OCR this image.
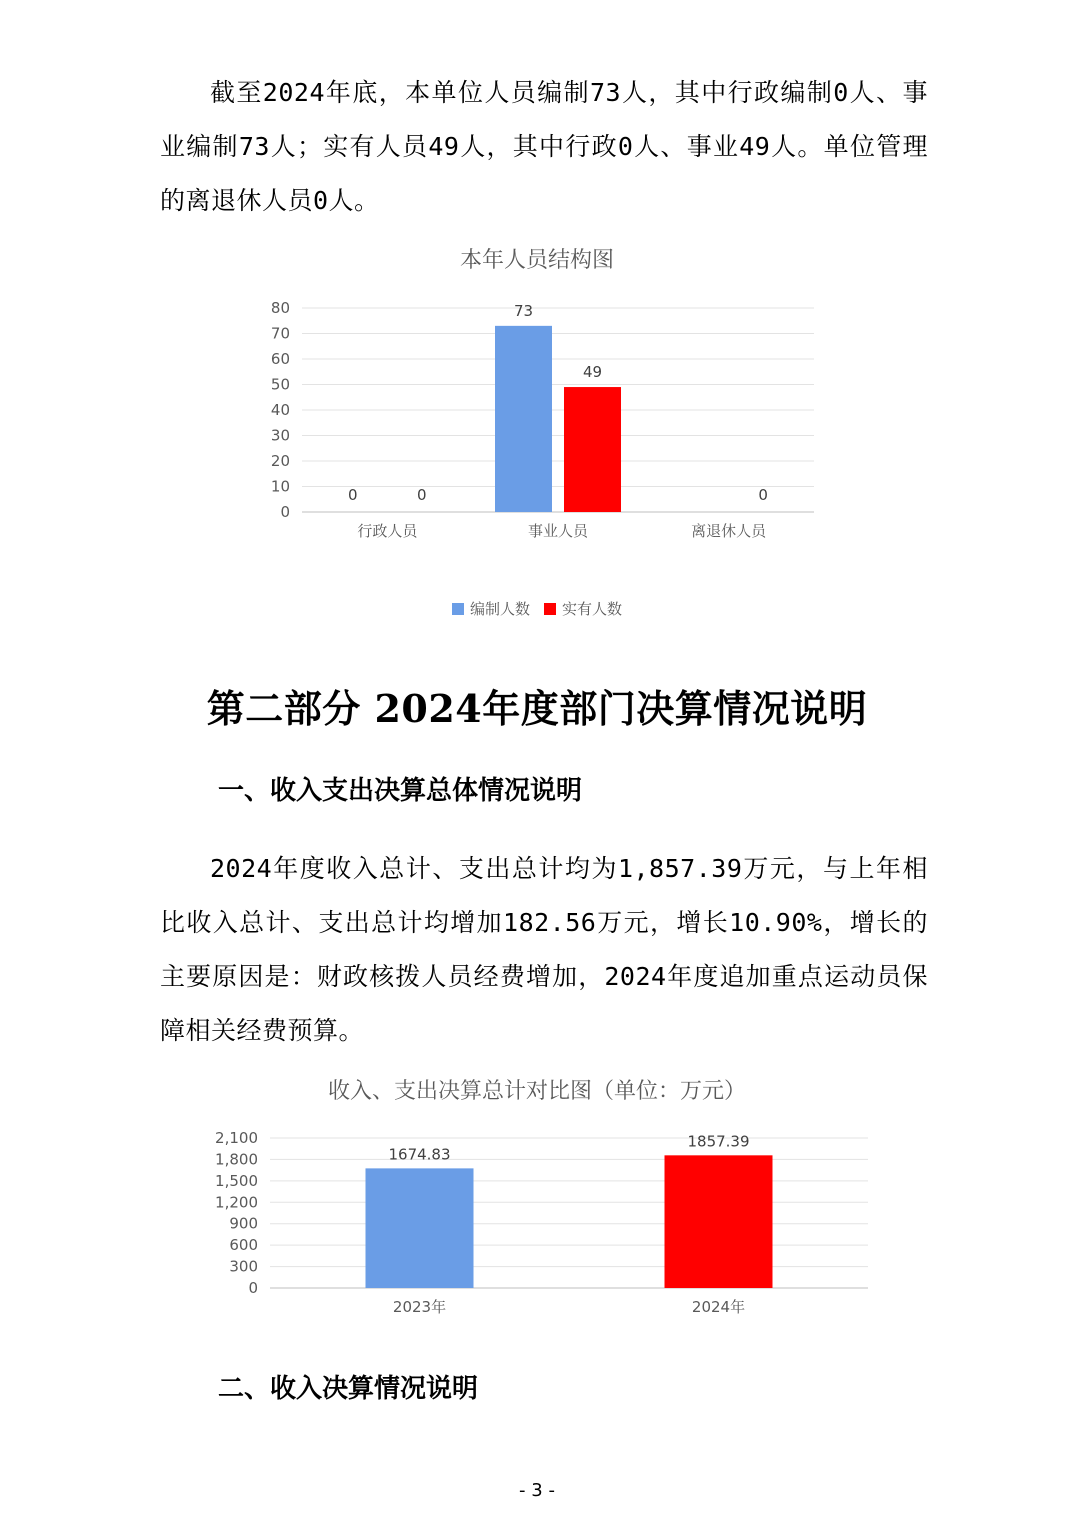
截至2024年底，本单位人员编制73人，其中行政编制0人、事业编制73人；实有人员49人，其中行政0人、事业49人。单位管理的离退休人员0人。

本年人员结构图
0
10
20
30
40
50
60
70
80
行政人员
0	0
事业人员
73
49
离退休人员
0
编制人数 实有人数
第二部分 2024年度部门决算情况说明
一、收入支出决算总体情况说明

2024年度收入总计、支出总计均为1,857.39万元，与上年相比收入总计、支出总计均增加182.56万元，增长10.90%，增长的主要原因是：财政核拨人员经费增加，2024年度追加重点运动员保障相关经费预算。

收入、支出决算总计对比图（单位：万元）
0
300
600
900
1,200
1,500
1,800
2,100
2023年
1674.83
2024年
1857.39
二、收入决算情况说明
- 3 -
